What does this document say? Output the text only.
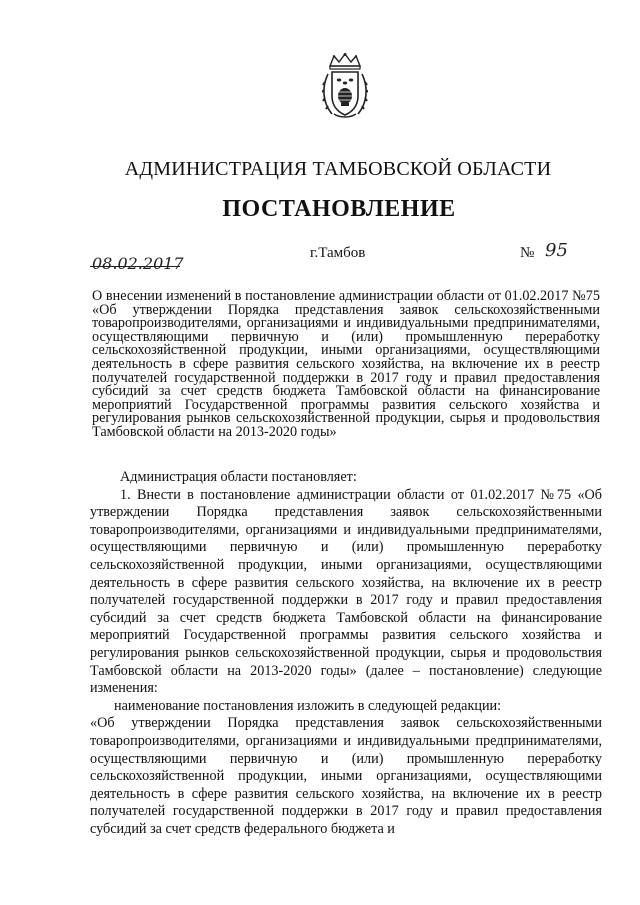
АДМИНИСТРАЦИЯ ТАМБОВСКОЙ ОБЛАСТИ
ПОСТАНОВЛЕНИЕ
08.02.2017
г.Тамбов	№ 95
О внесении изменений в постановление администрации области от 01.02.2017 №75 «Об утверждении Порядка представления заявок сельскохозяйственными товаропроизводителями, организациями и индивидуальными предпринимателями, осуществляющими первичную и (или) промышленную переработку сельскохозяйственной продукции, иными организациями, осуществляющими деятельность в сфере развития сельского хозяйства, на включение их в реестр получателей государственной поддержки в 2017 году и правил предоставления субсидий за счет средств бюджета Тамбовской области на финансирование мероприятий Государственной программы развития сельского хозяйства и регулирования рынков сельскохозяйственной продукции, сырья и продовольствия Тамбовской области на 2013-2020 годы»

Администрация области постановляет:

1. Внести в постановление администрации области от 01.02.2017 №75 «Об утверждении Порядка представления заявок сельскохозяйственными товаропроизводителями, организациями и индивидуальными предпринимателями, осуществляющими первичную и (или) промышленную переработку сельскохозяйственной продукции, иными организациями, осуществляющими деятельность в сфере развития сельского хозяйства, на включение их в реестр получателей государственной поддержки в 2017 году и правил предоставления субсидий за счет средств бюджета Тамбовской области на финансирование мероприятий Государственной программы развития сельского хозяйства и регулирования рынков сельскохозяйственной продукции, сырья и продовольствия Тамбовской области на 2013-2020 годы» (далее – постановление) следующие изменения:

наименование постановления изложить в следующей редакции:

«Об утверждении Порядка представления заявок сельскохозяйственными товаропроизводителями, организациями и индивидуальными предпринимателями, осуществляющими первичную и (или) промышленную переработку сельскохозяйственной продукции, иными организациями, осуществляющими деятельность в сфере развития сельского хозяйства, на включение их в реестр получателей государственной поддержки в 2017 году и правил предоставления субсидий за счет средств федерального бюджета и
